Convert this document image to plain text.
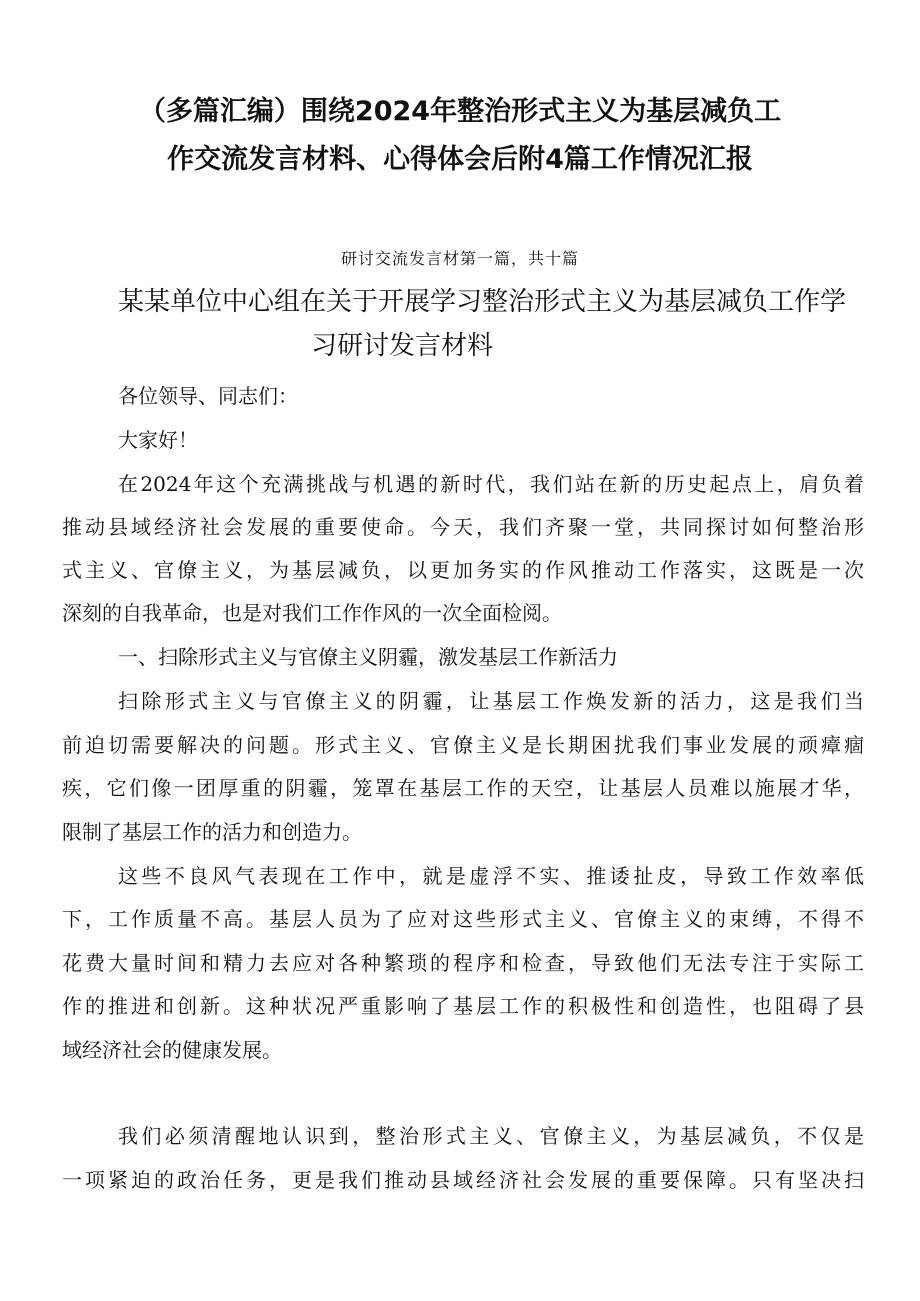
（多篇汇编）围绕2024年整治形式主义为基层减负工 作交流发言材料、心得体会后附4篇工作情况汇报
研讨交流发言材第一篇，共十篇
某某单位中心组在关于开展学习整治形式主义为基层减负工作学
习研讨发言材料
各位领导、同志们：
大家好！
在2024年这个充满挑战与机遇的新时代，我们站在新的历史起点上，肩负着
推动县域经济社会发展的重要使命。今天，我们齐聚一堂，共同探讨如何整治形
式主义、官僚主义，为基层减负，以更加务实的作风推动工作落实，这既是一次
深刻的自我革命，也是对我们工作作风的一次全面检阅。
一、扫除形式主义与官僚主义阴霾，激发基层工作新活力
扫除形式主义与官僚主义的阴霾，让基层工作焕发新的活力，这是我们当
前迫切需要解决的问题。形式主义、官僚主义是长期困扰我们事业发展的顽瘴痼
疾，它们像一团厚重的阴霾，笼罩在基层工作的天空，让基层人员难以施展才华，
限制了基层工作的活力和创造力。
这些不良风气表现在工作中，就是虚浮不实、推诿扯皮，导致工作效率低
下，工作质量不高。基层人员为了应对这些形式主义、官僚主义的束缚，不得不
花费大量时间和精力去应对各种繁琐的程序和检查，导致他们无法专注于实际工
作的推进和创新。这种状况严重影响了基层工作的积极性和创造性，也阻碍了县
域经济社会的健康发展。
我们必须清醒地认识到，整治形式主义、官僚主义，为基层减负，不仅是
一项紧迫的政治任务，更是我们推动县域经济社会发展的重要保障。只有坚决扫
